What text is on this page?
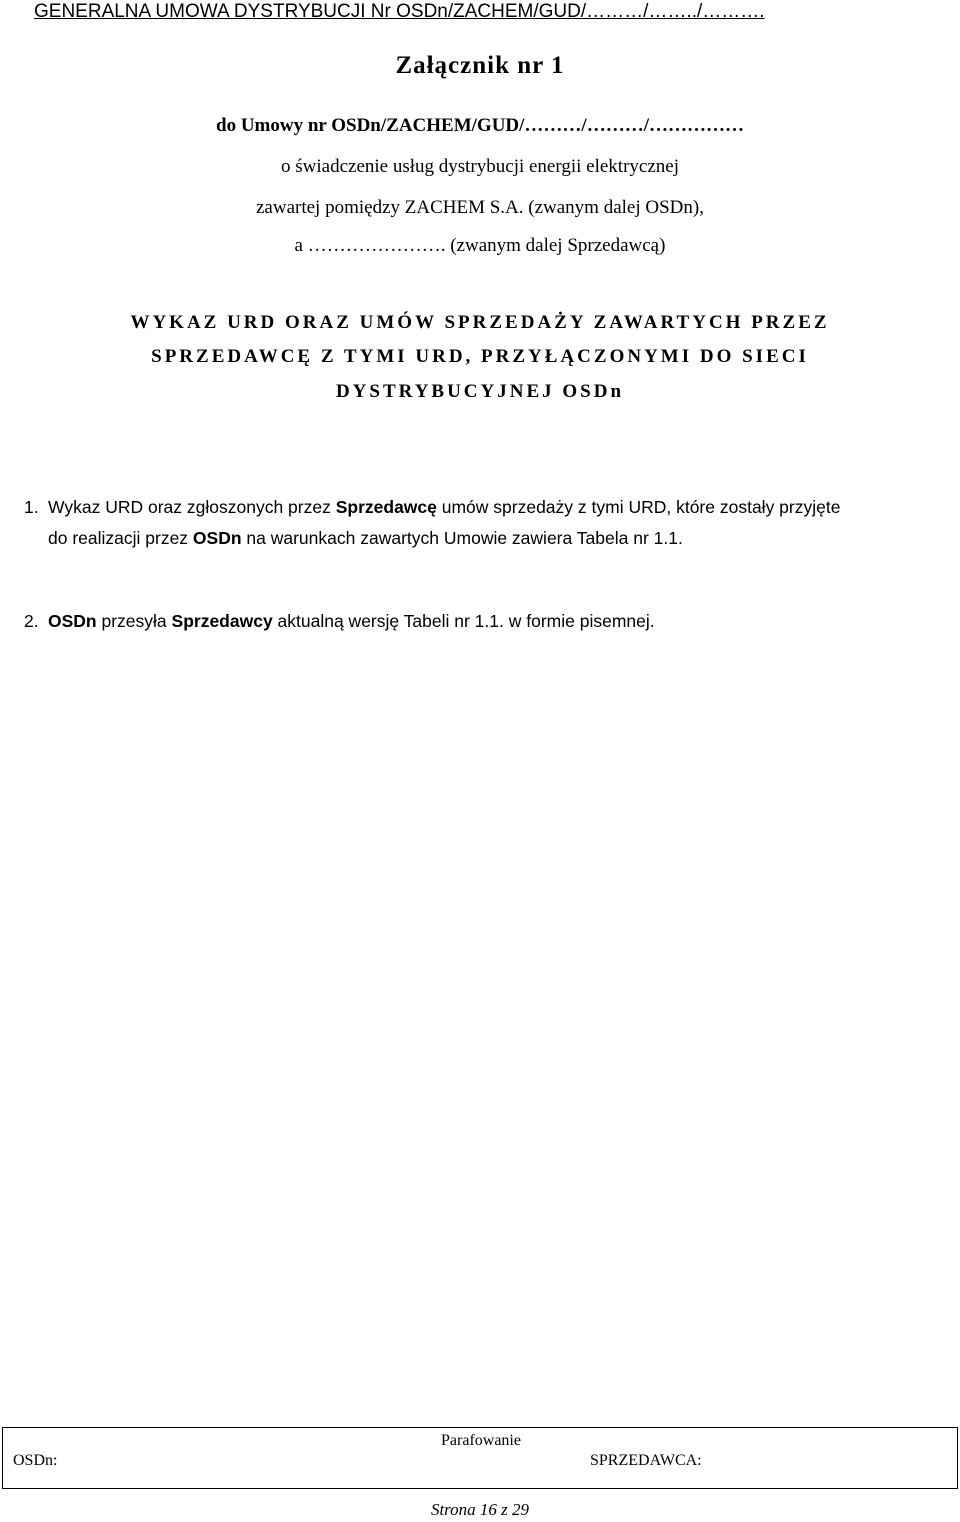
GENERALNA UMOWA DYSTRYBUCJI Nr OSDn/ZACHEM/GUD/………/……../……….
Załącznik nr 1
do Umowy nr OSDn/ZACHEM/GUD/………/………/……………
o świadczenie usług dystrybucji energii elektrycznej
zawartej pomiędzy ZACHEM S.A. (zwanym dalej OSDn),
a …………………. (zwanym dalej Sprzedawcą)
WYKAZ URD ORAZ UMÓW SPRZEDAŻY ZAWARTYCH PRZEZ
SPRZEDAWCĘ Z TYMI URD, PRZYŁĄCZONYMI DO SIECI
DYSTRYBUCYJNEJ OSDn
1. Wykaz URD oraz zgłoszonych przez Sprzedawcę umów sprzedaży z tymi URD, które zostały przyjęte
do realizacji przez OSDn na warunkach zawartych Umowie zawiera Tabela nr 1.1.
2. OSDn przesyła Sprzedawcy aktualną wersję Tabeli nr 1.1. w formie pisemnej.
Parafowanie
OSDn:	SPRZEDAWCA:
Strona 16 z 29
